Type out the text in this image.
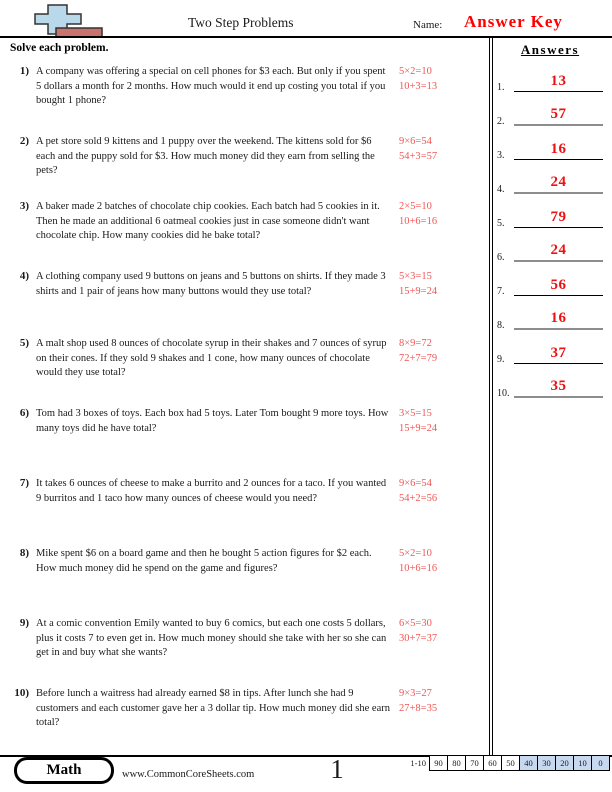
Two Step Problems	Name: Answer Key
Solve each problem.
1) A company was offering a special on cell phones for $3 each. But only if you spent 5 dollars a month for 2 months. How much would it end up costing you total if you bought 1 phone?
5×2=10
10+3=13
2) A pet store sold 9 kittens and 1 puppy over the weekend. The kittens sold for $6 each and the puppy sold for $3. How much money did they earn from selling the pets?
9×6=54
54+3=57
3) A baker made 2 batches of chocolate chip cookies. Each batch had 5 cookies in it. Then he made an additional 6 oatmeal cookies just in case someone didn't want chocolate chip. How many cookies did he bake total?
2×5=10
10+6=16
4) A clothing company used 9 buttons on jeans and 5 buttons on shirts. If they made 3 shirts and 1 pair of jeans how many buttons would they use total?
5×3=15
15+9=24
5) A malt shop used 8 ounces of chocolate syrup in their shakes and 7 ounces of syrup on their cones. If they sold 9 shakes and 1 cone, how many ounces of chocolate would they use total?
8×9=72
72+7=79
6) Tom had 3 boxes of toys. Each box had 5 toys. Later Tom bought 9 more toys. How many toys did he have total?
3×5=15
15+9=24
7) It takes 6 ounces of cheese to make a burrito and 2 ounces for a taco. If you wanted 9 burritos and 1 taco how many ounces of cheese would you need?
9×6=54
54+2=56
8) Mike spent $6 on a board game and then he bought 5 action figures for $2 each. How much money did he spend on the game and figures?
5×2=10
10+6=16
9) At a comic convention Emily wanted to buy 6 comics, but each one costs 5 dollars, plus it costs 7 to even get in. How much money should she take with her so she can get in and buy what she wants?
6×5=30
30+7=37
10) Before lunch a waitress had already earned $8 in tips. After lunch she had 9 customers and each customer gave her a 3 dollar tip. How much money did she earn total?
9×3=27
27+8=35
Answers
1.	13
2.	57
3.	16
4.	24
5.	79
6.	24
7.	56
8.	16
9.	37
10.	35
Math	www.CommonCoreSheets.com	1	1-10 90	80	70	60	50	40	30	20	10	0
